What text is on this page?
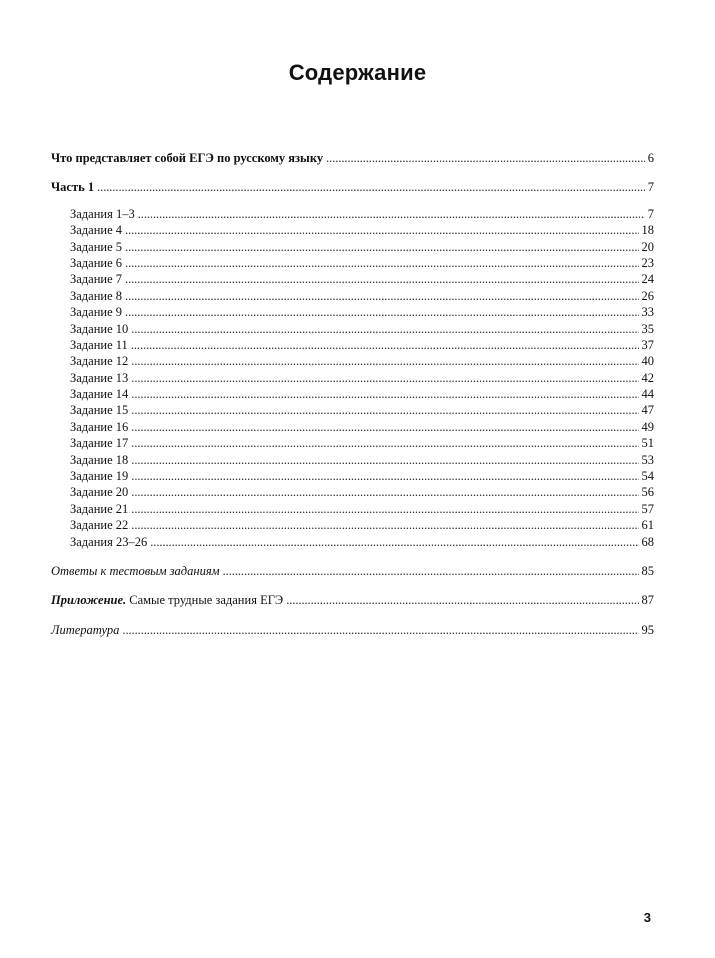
Содержание
Что представляет собой ЕГЭ по русскому языку . . .	6
Часть 1 . . .	7
Задания 1–3 . . .	7
Задание 4 . . .	18
Задание 5 . . .	20
Задание 6 . . .	23
Задание 7 . . .	24
Задание 8 . . .	26
Задание 9 . . .	33
Задание 10 . . .	35
Задание 11 . . .	37
Задание 12 . . .	40
Задание 13 . . .	42
Задание 14 . . .	44
Задание 15 . . .	47
Задание 16 . . .	49
Задание 17 . . .	51
Задание 18 . . .	53
Задание 19 . . .	54
Задание 20 . . .	56
Задание 21 . . .	57
Задание 22 . . .	61
Задания 23–26 . . .	68
Ответы к тестовым заданиям . . .	85
Приложение. Самые трудные задания ЕГЭ . . .	87
Литература . . .	95
3
